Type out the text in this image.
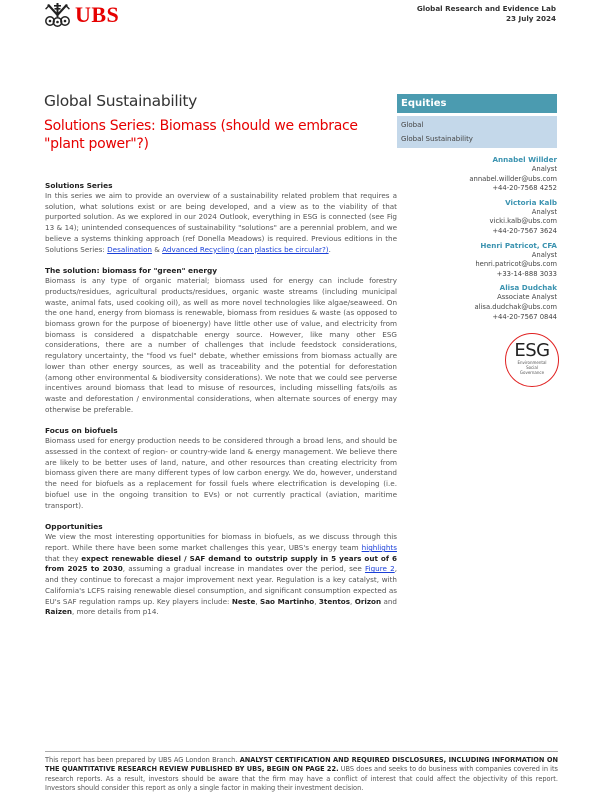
UBS	Global Research and Evidence Lab
23 July 2024
Global Sustainability
Solutions Series: Biomass (should we embrace "plant power"?)
Solutions Series

In this series we aim to provide an overview of a sustainability related problem that requires a solution, what solutions exist or are being developed, and a view as to the viability of that purported solution. As we explored in our 2024 Outlook, everything in ESG is connected (see Fig 13 & 14); unintended consequences of sustainability "solutions" are a perennial problem, and we believe a systems thinking approach (ref Donella Meadows) is required. Previous editions in the Solutions Series: Desalination & Advanced Recycling (can plastics be circular?).

The solution: biomass for "green" energy

Biomass is any type of organic material; biomass used for energy can include forestry products/residues, agricultural products/residues, organic waste streams (including municipal waste, animal fats, used cooking oil), as well as more novel technologies like algae/seaweed. On the one hand, energy from biomass is renewable, biomass from residues & waste (as opposed to biomass grown for the purpose of bioenergy) have little other use of value, and electricity from biomass is considered a dispatchable energy source. However, like many other ESG considerations, there are a number of challenges that include feedstock considerations, regulatory uncertainty, the "food vs fuel" debate, whether emissions from biomass actually are lower than other energy sources, as well as traceability and the potential for deforestation (among other environmental & biodiversity considerations). We note that we could see perverse incentives around biomass that lead to misuse of resources, including misselling fats/oils as waste and deforestation / environmental considerations, when alternate sources of energy may otherwise be preferable.

Focus on biofuels

Biomass used for energy production needs to be considered through a broad lens, and should be assessed in the context of region- or country-wide land & energy management. We believe there are likely to be better uses of land, nature, and other resources than creating electricity from biomass given there are many different types of low carbon energy. We do, however, understand the need for biofuels as a replacement for fossil fuels where electrification is developing (i.e. biofuel use in the ongoing transition to EVs) or not currently practical (aviation, maritime transport).

Opportunities

We view the most interesting opportunities for biomass in biofuels, as we discuss through this report. While there have been some market challenges this year, UBS's energy team highlights that they expect renewable diesel / SAF demand to outstrip supply in 5 years out of 6 from 2025 to 2030, assuming a gradual increase in mandates over the period, see Figure 2, and they continue to forecast a major improvement next year. Regulation is a key catalyst, with California's LCFS raising renewable diesel consumption, and significant consumption expected as EU's SAF regulation ramps up. Key players include: Neste, Sao Martinho, 3tentos, Orizon and Raizen, more details from p14.

Equities
Global
Global Sustainability
Annabel Willder
Analyst
annabel.willder@ubs.com
+44-20-7568 4252
Victoria Kalb
Analyst
vicki.kalb@ubs.com
+44-20-7567 3624
Henri Patricot, CFA
Analyst
henri.patricot@ubs.com
+33-14-888 3033
Alisa Dudchak
Associate Analyst
alisa.dudchak@ubs.com
+44-20-7567 0844
ESG
Environmental
Social
Governance
This report has been prepared by UBS AG London Branch. ANALYST CERTIFICATION AND REQUIRED DISCLOSURES, INCLUDING INFORMATION ON THE QUANTITATIVE RESEARCH REVIEW PUBLISHED BY UBS, BEGIN ON PAGE 22. UBS does and seeks to do business with companies covered in its research reports. As a result, investors should be aware that the firm may have a conflict of interest that could affect the objectivity of this report. Investors should consider this report as only a single factor in making their investment decision.
